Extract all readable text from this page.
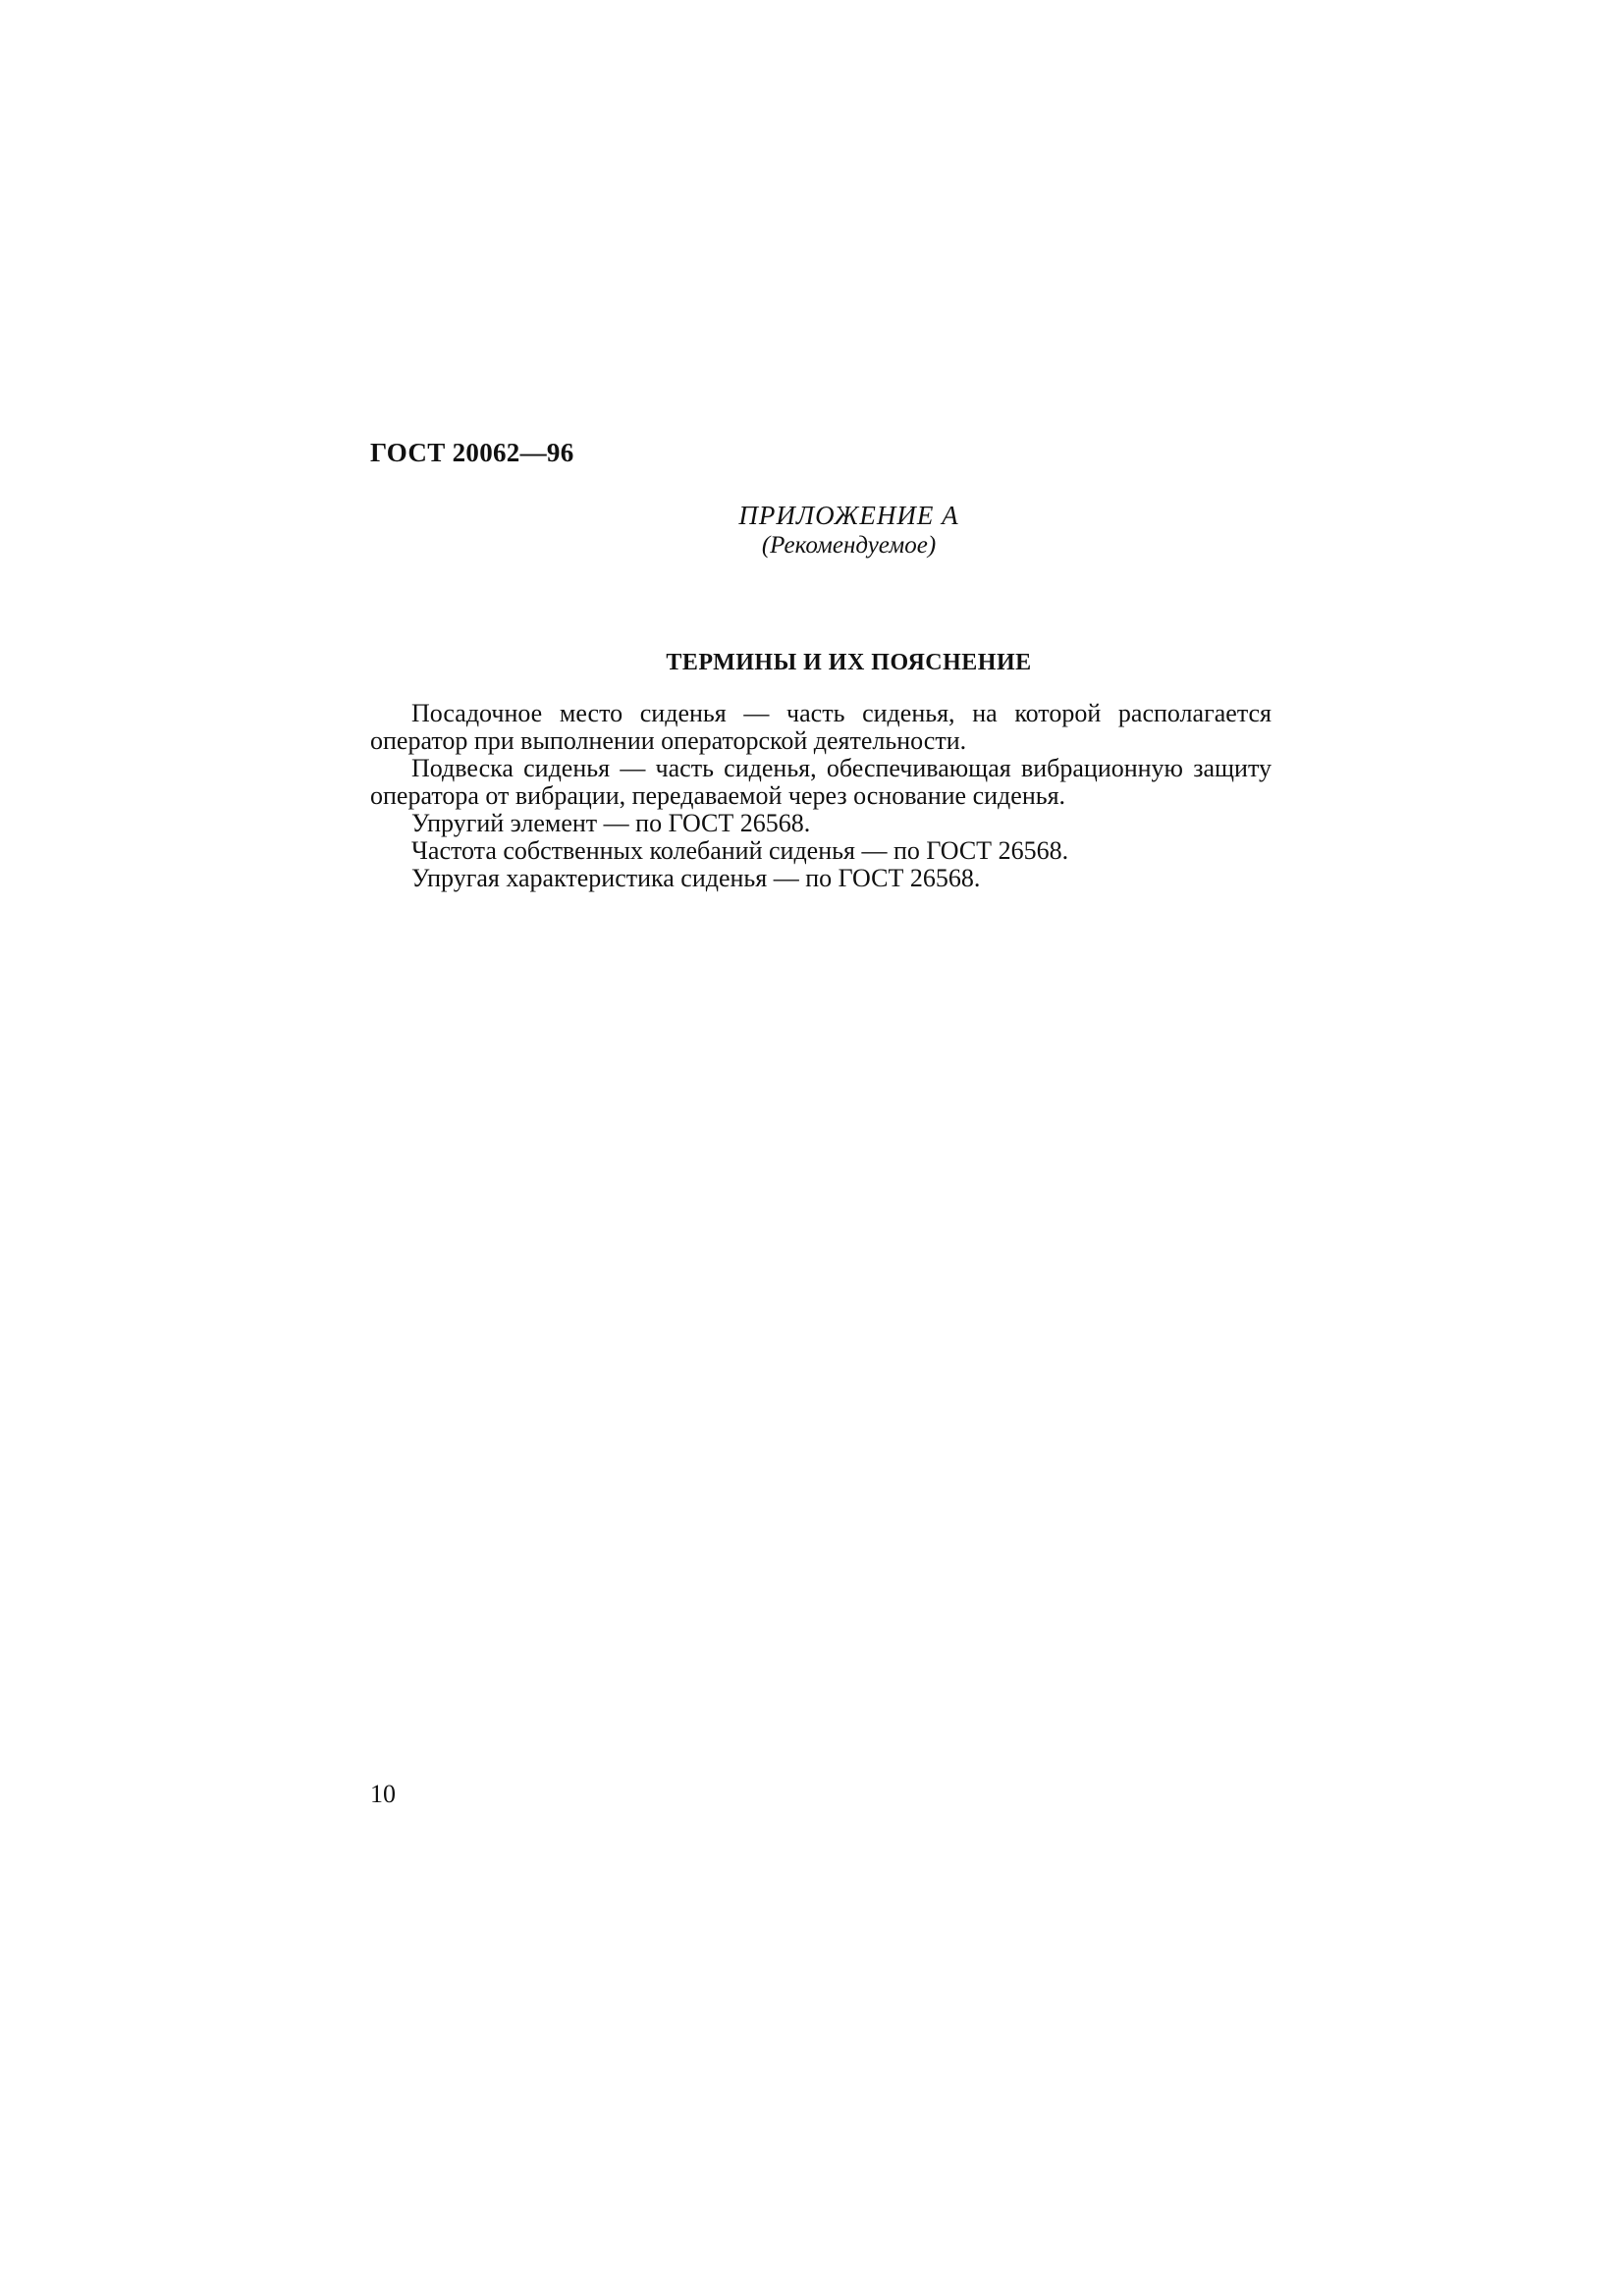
ГОСТ 20062—96
ПРИЛОЖЕНИЕ А
(Рекомендуемое)
ТЕРМИНЫ И ИХ ПОЯСНЕНИЕ

Посадочное место сиденья — часть сиденья, на которой располагается оператор при выполнении операторской деятельности.

Подвеска сиденья — часть сиденья, обеспечивающая вибрационную защиту оператора от вибрации, передаваемой через основание сиденья.

Упругий элемент — по ГОСТ 26568.

Частота собственных колебаний сиденья — по ГОСТ 26568.

Упругая характеристика сиденья — по ГОСТ 26568.

10
